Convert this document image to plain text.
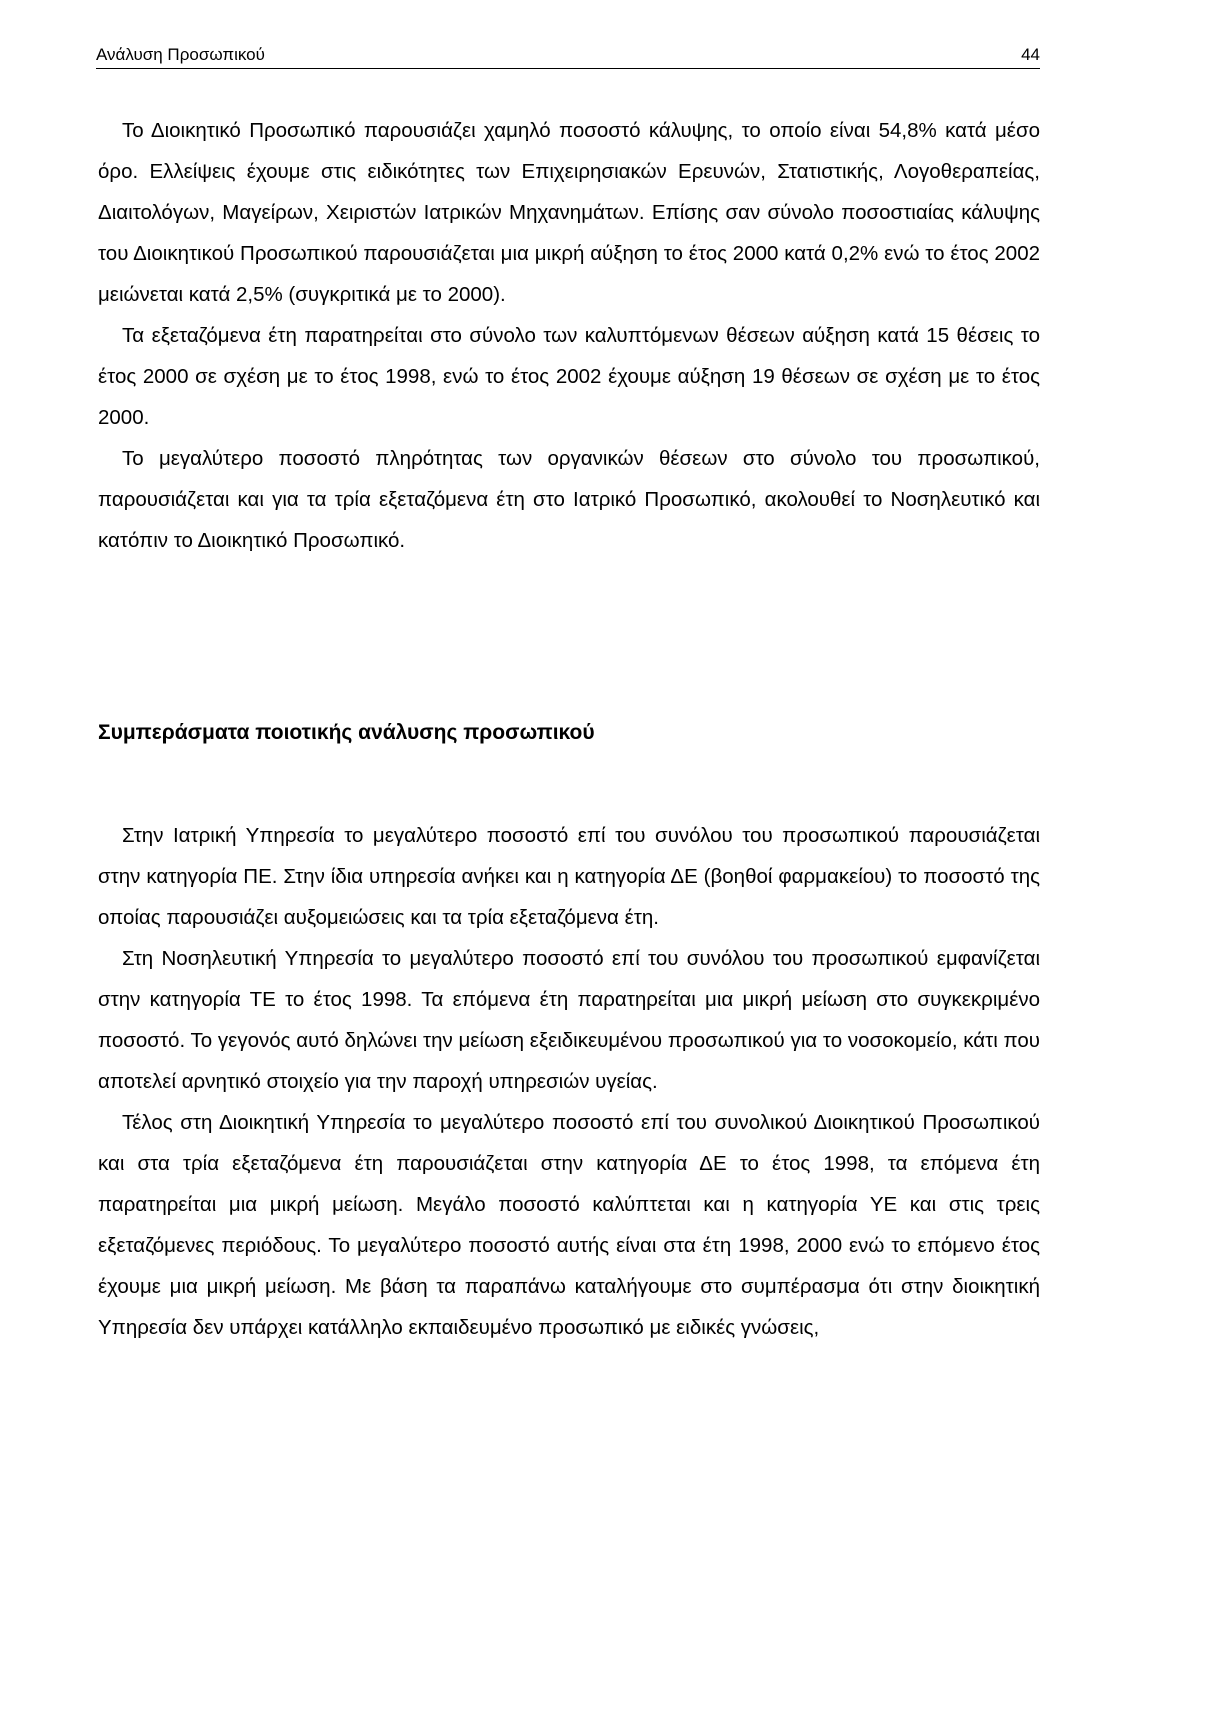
Ανάλυση Προσωπικού	44

Το Διοικητικό Προσωπικό παρουσιάζει χαμηλό ποσοστό κάλυψης, το οποίο είναι 54,8% κατά μέσο όρο. Ελλείψεις έχουμε στις ειδικότητες των Επιχειρησιακών Ερευνών, Στατιστικής, Λογοθεραπείας, Διαιτολόγων, Μαγείρων, Χειριστών Ιατρικών Μηχανημάτων. Επίσης σαν σύνολο ποσοστιαίας κάλυψης του Διοικητικού Προσωπικού παρουσιάζεται μια μικρή αύξηση το έτος 2000 κατά 0,2% ενώ το έτος 2002 μειώνεται κατά 2,5% (συγκριτικά με το 2000).

Τα εξεταζόμενα έτη παρατηρείται στο σύνολο των καλυπτόμενων θέσεων αύξηση κατά 15 θέσεις το έτος 2000 σε σχέση με το έτος 1998, ενώ το έτος 2002 έχουμε αύξηση 19 θέσεων σε σχέση με το έτος 2000.

Το μεγαλύτερο ποσοστό πληρότητας των οργανικών θέσεων στο σύνολο του προσωπικού, παρουσιάζεται και για τα τρία εξεταζόμενα έτη στο Ιατρικό Προσωπικό, ακολουθεί το Νοσηλευτικό και κατόπιν το Διοικητικό Προσωπικό.

Συμπεράσματα ποιοτικής ανάλυσης προσωπικού

Στην Ιατρική Υπηρεσία το μεγαλύτερο ποσοστό επί του συνόλου του προσωπικού παρουσιάζεται στην κατηγορία ΠΕ. Στην ίδια υπηρεσία ανήκει και η κατηγορία ΔΕ (βοηθοί φαρμακείου) το ποσοστό της οποίας παρουσιάζει αυξομειώσεις και τα τρία εξεταζόμενα έτη.

Στη Νοσηλευτική Υπηρεσία το μεγαλύτερο ποσοστό επί του συνόλου του προσωπικού εμφανίζεται στην κατηγορία ΤΕ το έτος 1998. Τα επόμενα έτη παρατηρείται μια μικρή μείωση στο συγκεκριμένο ποσοστό. Το γεγονός αυτό δηλώνει την μείωση εξειδικευμένου προσωπικού για το νοσοκομείο, κάτι που αποτελεί αρνητικό στοιχείο για την παροχή υπηρεσιών υγείας.

Τέλος στη Διοικητική Υπηρεσία το μεγαλύτερο ποσοστό επί του συνολικού Διοικητικού Προσωπικού και στα τρία εξεταζόμενα έτη παρουσιάζεται στην κατηγορία ΔΕ το έτος 1998, τα επόμενα έτη παρατηρείται μια μικρή μείωση. Μεγάλο ποσοστό καλύπτεται και η κατηγορία ΥΕ και στις τρεις εξεταζόμενες περιόδους. Το μεγαλύτερο ποσοστό αυτής είναι στα έτη 1998, 2000 ενώ το επόμενο έτος έχουμε μια μικρή μείωση. Με βάση τα παραπάνω καταλήγουμε στο συμπέρασμα ότι στην διοικητική Υπηρεσία δεν υπάρχει κατάλληλο εκπαιδευμένο προσωπικό με ειδικές γνώσεις,
